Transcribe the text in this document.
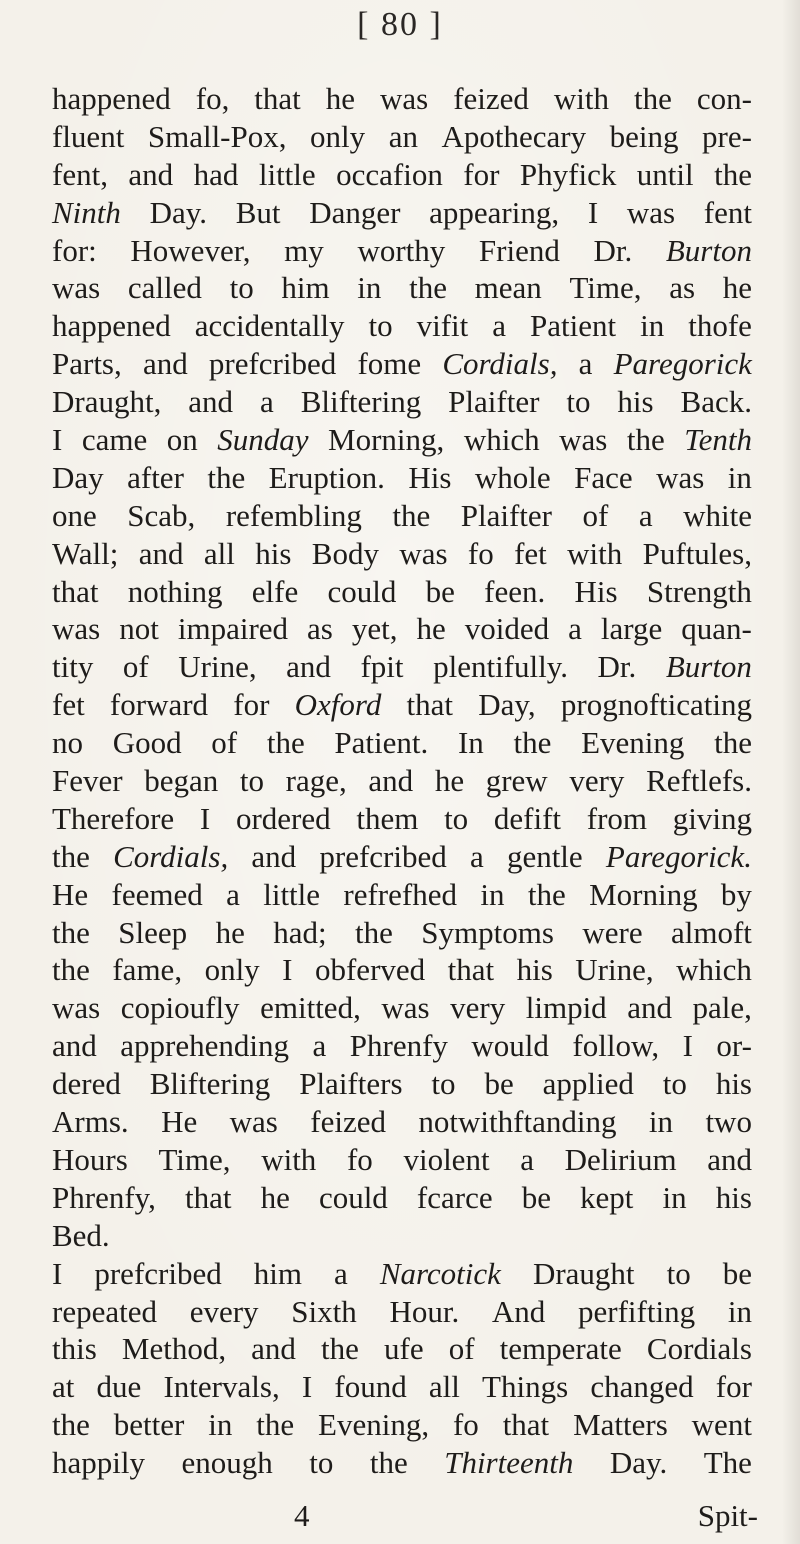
[ 80 ]
happened fo, that he was feized with the con-
fluent Small-Pox, only an Apothecary being pre-
fent, and had little occafion for Phyfick until the
Ninth Day. But Danger appearing, I was fent
for: However, my worthy Friend Dr. Burton
was called to him in the mean Time, as he
happened accidentally to vifit a Patient in thofe
Parts, and prefcribed fome Cordials, a Paregorick
Draught, and a Bliftering Plaifter to his Back.
I came on Sunday Morning, which was the Tenth
Day after the Eruption. His whole Face was in
one Scab, refembling the Plaifter of a white
Wall; and all his Body was fo fet with Puftules,
that nothing elfe could be feen. His Strength
was not impaired as yet, he voided a large quan-
tity of Urine, and fpit plentifully. Dr. Burton
fet forward for Oxford that Day, prognofticating
no Good of the Patient. In the Evening the
Fever began to rage, and he grew very Reftlefs.
Therefore I ordered them to defift from giving
the Cordials, and prefcribed a gentle Paregorick.
He feemed a little refrefhed in the Morning by
the Sleep he had; the Symptoms were almoft
the fame, only I obferved that his Urine, which
was copioufly emitted, was very limpid and pale,
and apprehending a Phrenfy would follow, I or-
dered Bliftering Plaifters to be applied to his
Arms. He was feized notwithftanding in two
Hours Time, with fo violent a Delirium and
Phrenfy, that he could fcarce be kept in his
Bed.
I prefcribed him a Narcotick Draught to be
repeated every Sixth Hour. And perfifting in
this Method, and the ufe of temperate Cordials
at due Intervals, I found all Things changed for
the better in the Evening, fo that Matters went
happily enough to the Thirteenth Day. The
4	Spit-
